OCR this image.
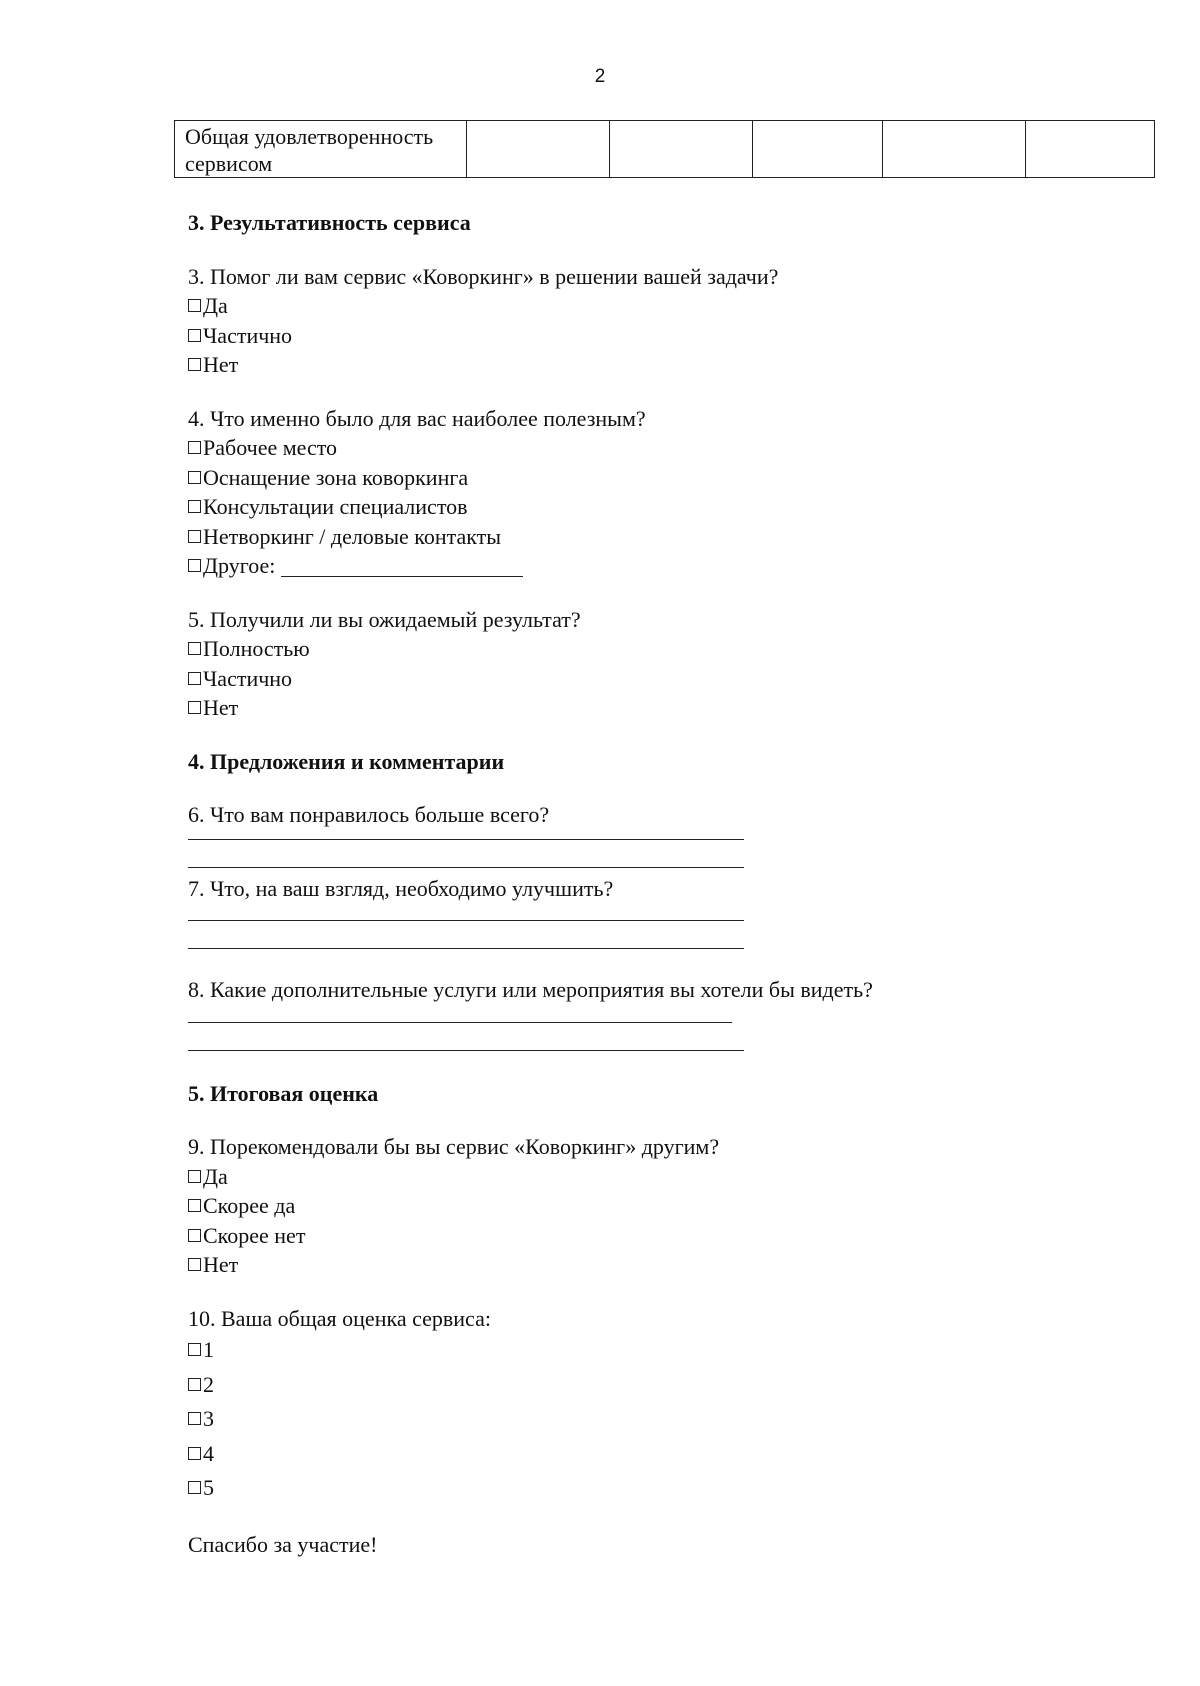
2
Общая удовлетворенность сервисом					

3. Результативность сервиса

3. Помог ли вам сервис «Коворкинг» в решении вашей задачи?

Да
Частично
Нет

4. Что именно было для вас наиболее полезным?

Рабочее место
Оснащение зона коворкинга
Консультации специалистов
Нетворкинг / деловые контакты
Другое:

5. Получили ли вы ожидаемый результат?

Полностью
Частично
Нет

4. Предложения и комментарии

6. Что вам понравилось больше всего?

7. Что, на ваш взгляд, необходимо улучшить?

8. Какие дополнительные услуги или мероприятия вы хотели бы видеть?

5. Итоговая оценка

9. Порекомендовали бы вы сервис «Коворкинг» другим?

Да
Скорее да
Скорее нет
Нет

10. Ваша общая оценка сервиса:

1
2
3
4
5

Спасибо за участие!
